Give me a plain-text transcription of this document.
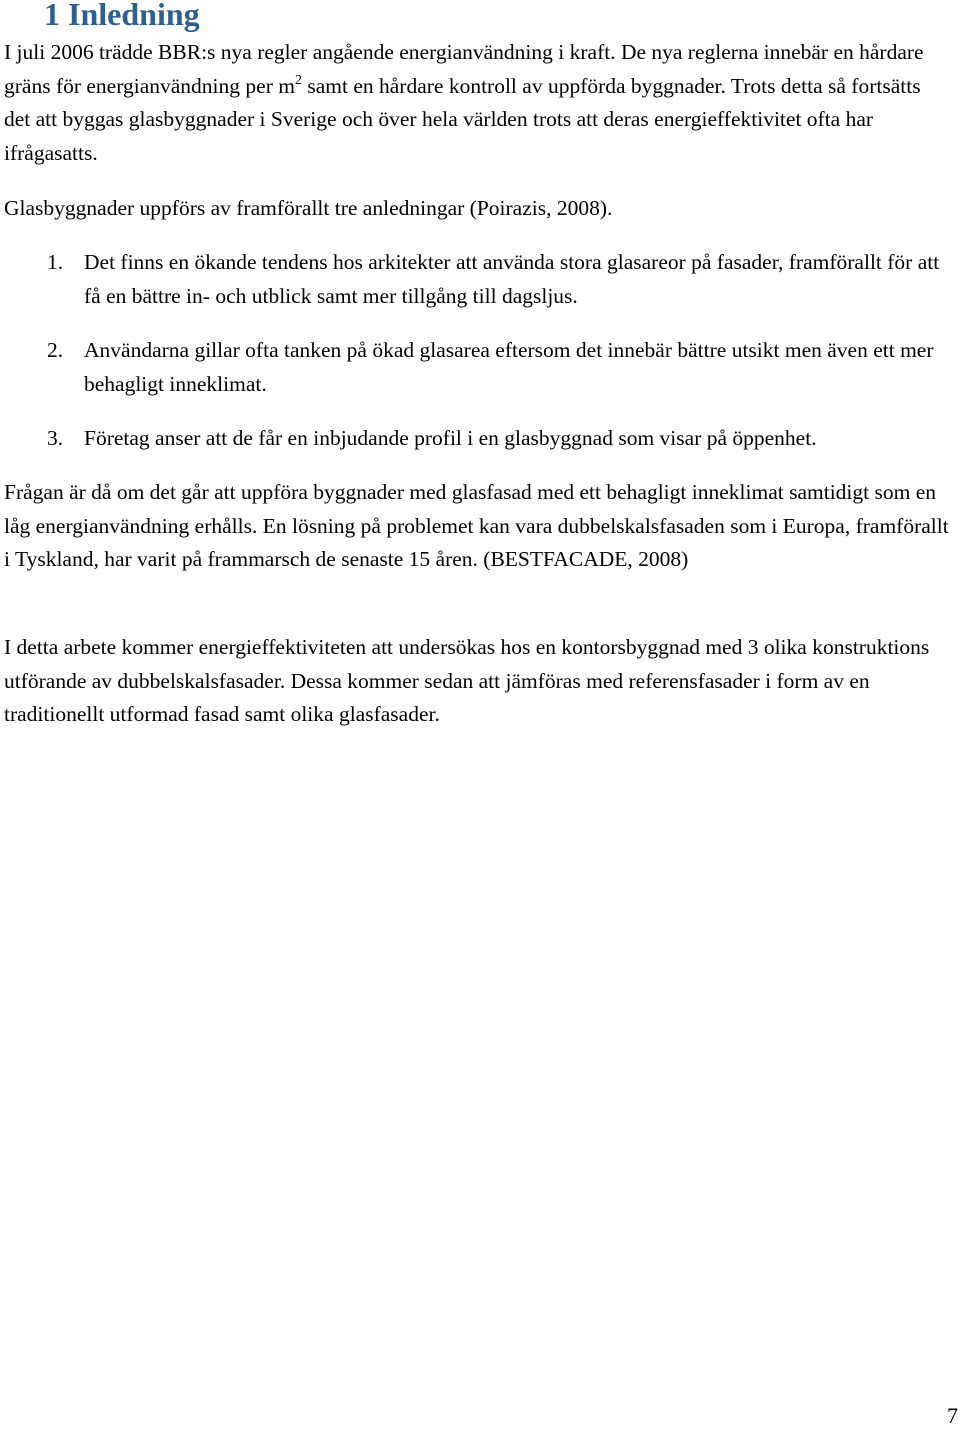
1 Inledning

I juli 2006 trädde BBR:s nya regler angående energianvändning i kraft. De nya reglerna innebär en hårdare gräns för energianvändning per $m^2$ samt en hårdare kontroll av uppförda byggnader. Trots detta så fortsätts det att byggas glasbyggnader i Sverige och över hela världen trots att deras energieffektivitet ofta har ifrågasatts.

Glasbyggnader uppförs av framförallt tre anledningar (Poirazis, 2008).

1. Det finns en ökande tendens hos arkitekter att använda stora glasareor på fasader, framförallt för att få en bättre in- och utblick samt mer tillgång till dagsljus.
2. Användarna gillar ofta tanken på ökad glasarea eftersom det innebär bättre utsikt men även ett mer behagligt inneklimat.
3. Företag anser att de får en inbjudande profil i en glasbyggnad som visar på öppenhet.

Frågan är då om det går att uppföra byggnader med glasfasad med ett behagligt inneklimat samtidigt som en låg energianvändning erhålls. En lösning på problemet kan vara dubbelskalsfasaden som i Europa, framförallt i Tyskland, har varit på frammarsch de senaste 15 åren. (BESTFACADE, 2008)

I detta arbete kommer energieffektiviteten att undersökas hos en kontorsbyggnad med 3 olika konstruktions utförande av dubbelskalsfasader. Dessa kommer sedan att jämföras med referensfasader i form av en traditionellt utformad fasad samt olika glasfasader.

7
